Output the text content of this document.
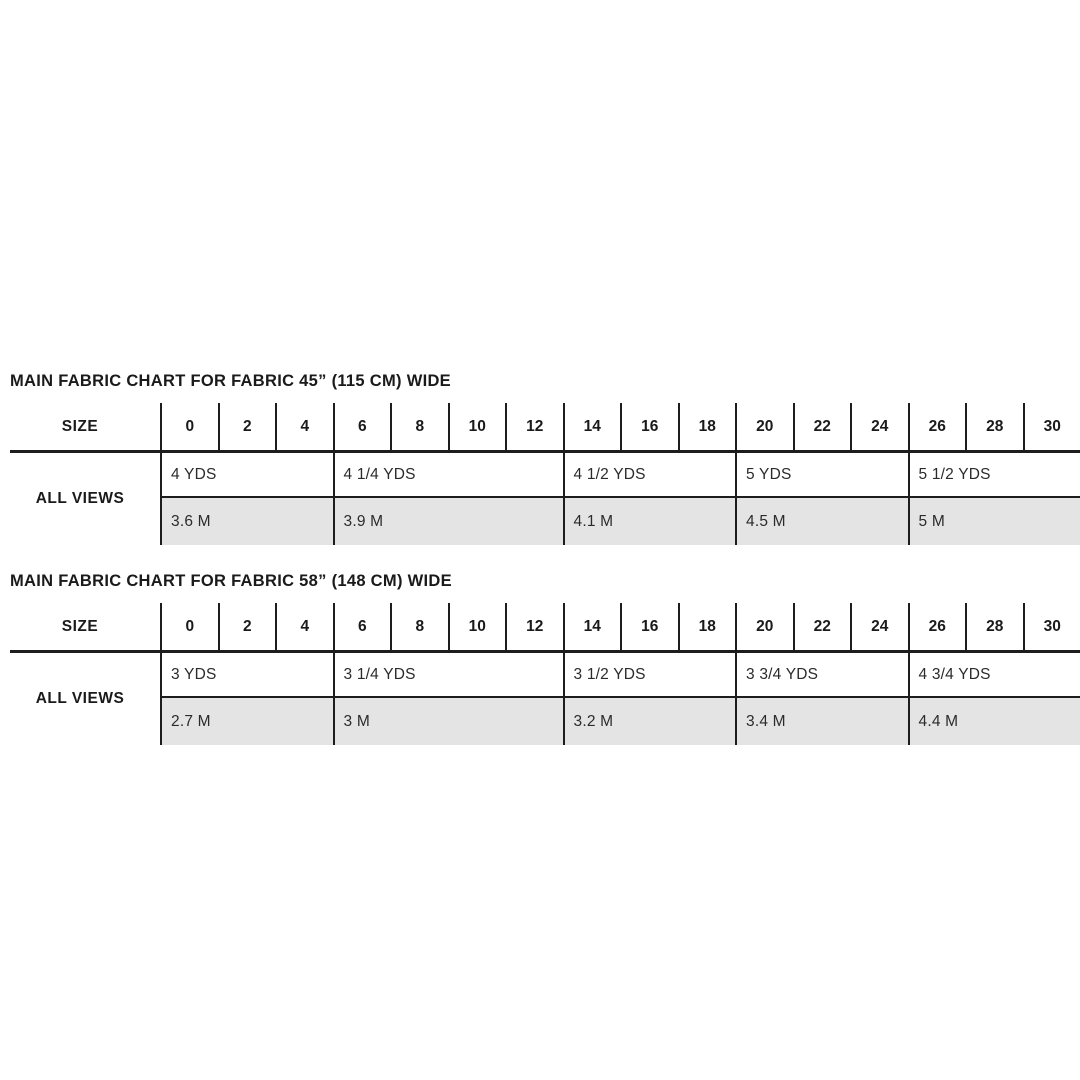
MAIN FABRIC CHART FOR FABRIC 45” (115 CM) WIDE
SIZE	0	2	4	6	8	10	12	14	16	18	20	22	24	26	28	30
ALL VIEWS
4 YDS	4 1/4 YDS	4 1/2 YDS	5 YDS	5 1/2 YDS
3.6 M	3.9 M	4.1 M	4.5 M	5 M
MAIN FABRIC CHART FOR FABRIC 58” (148 CM) WIDE
SIZE	0	2	4	6	8	10	12	14	16	18	20	22	24	26	28	30
ALL VIEWS
3 YDS	3 1/4 YDS	3 1/2 YDS	3 3/4 YDS	4 3/4 YDS
2.7 M	3 M	3.2 M	3.4 M	4.4 M
